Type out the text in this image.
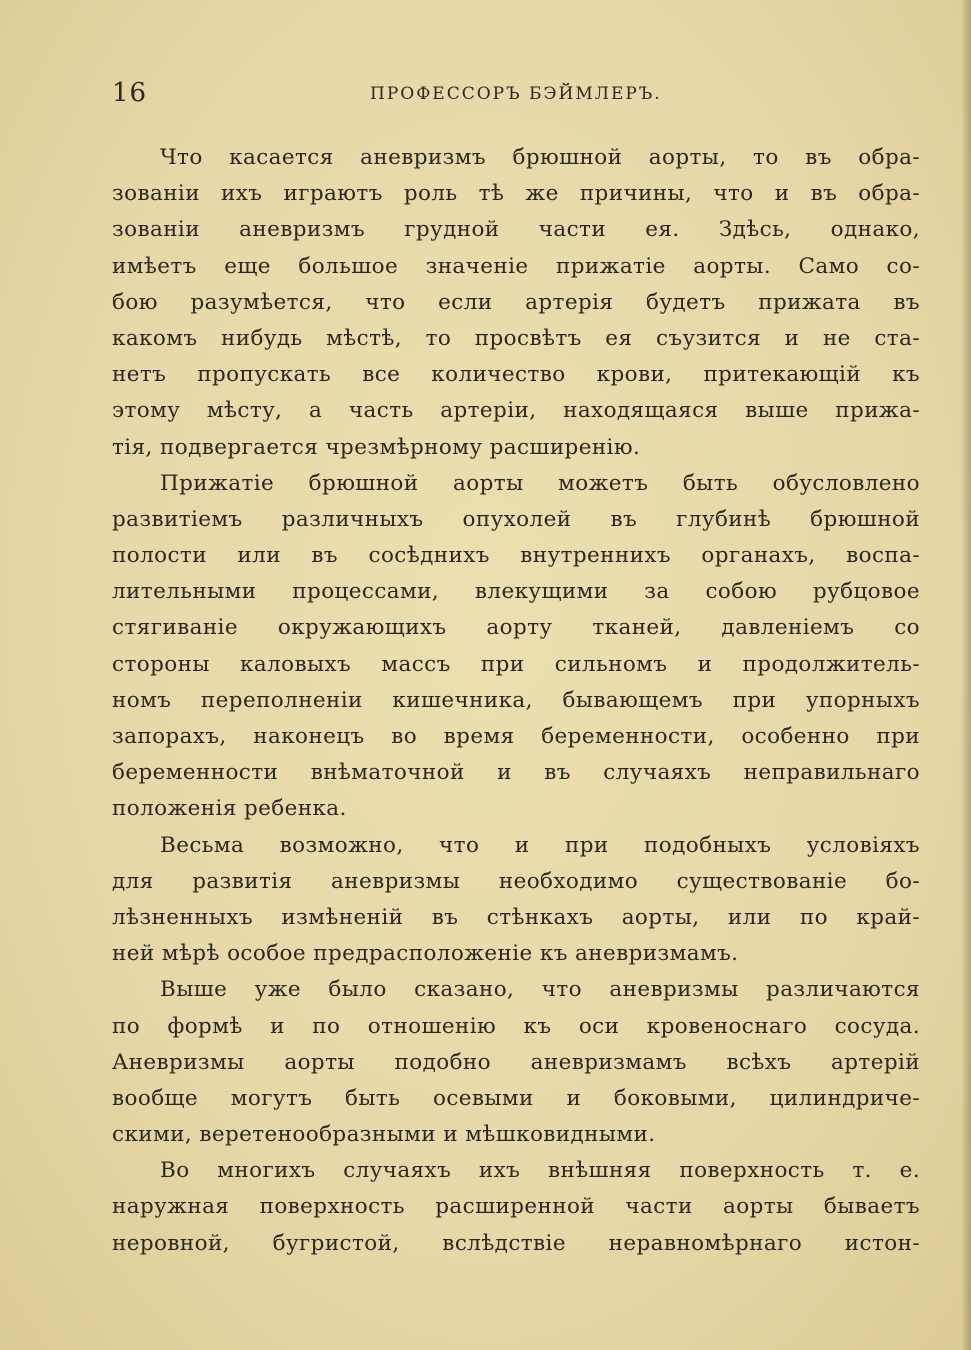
16	ПРОФЕССОРЪ БЭЙМЛЕРЪ.
Что касается аневризмъ брюшной аорты, то въ обра-
зованіи ихъ играютъ роль тѣ же причины, что и въ обра-
зованіи аневризмъ грудной части ея. Здѣсь, однако,
имѣетъ еще большое значеніе прижатіе аорты. Само со-
бою разумѣется, что если артерія будетъ прижата въ
какомъ нибудь мѣстѣ, то просвѣтъ ея съузится и не ста-
нетъ пропускать все количество крови, притекающій къ
этому мѣсту, а часть артеріи, находящаяся выше прижа-
тія, подвергается чрезмѣрному расширенію.
Прижатіе брюшной аорты можетъ быть обусловлено
развитіемъ различныхъ опухолей въ глубинѣ брюшной
полости или въ сосѣднихъ внутреннихъ органахъ, воспа-
лительными процессами, влекущими за собою рубцовое
стягиваніе окружающихъ аорту тканей, давленіемъ со
стороны каловыхъ массъ при сильномъ и продолжитель-
номъ переполненіи кишечника, бывающемъ при упорныхъ
запорахъ, наконецъ во время беременности, особенно при
беременности внѣматочной и въ случаяхъ неправильнаго
положенія ребенка.
Весьма возможно, что и при подобныхъ условіяхъ
для развитія аневризмы необходимо существованіе бо-
лѣзненныхъ измѣненій въ стѣнкахъ аорты, или по край-
ней мѣрѣ особое предрасположеніе къ аневризмамъ.
Выше уже было сказано, что аневризмы различаются
по формѣ и по отношенію къ оси кровеноснаго сосуда.
Аневризмы аорты подобно аневризмамъ всѣхъ артерій
вообще могутъ быть осевыми и боковыми, цилиндриче-
скими, веретенообразными и мѣшковидными.
Во многихъ случаяхъ ихъ внѣшняя поверхность т. е.
наружная поверхность расширенной части аорты бываетъ
неровной, бугристой, вслѣдствіе неравномѣрнаго истон-
